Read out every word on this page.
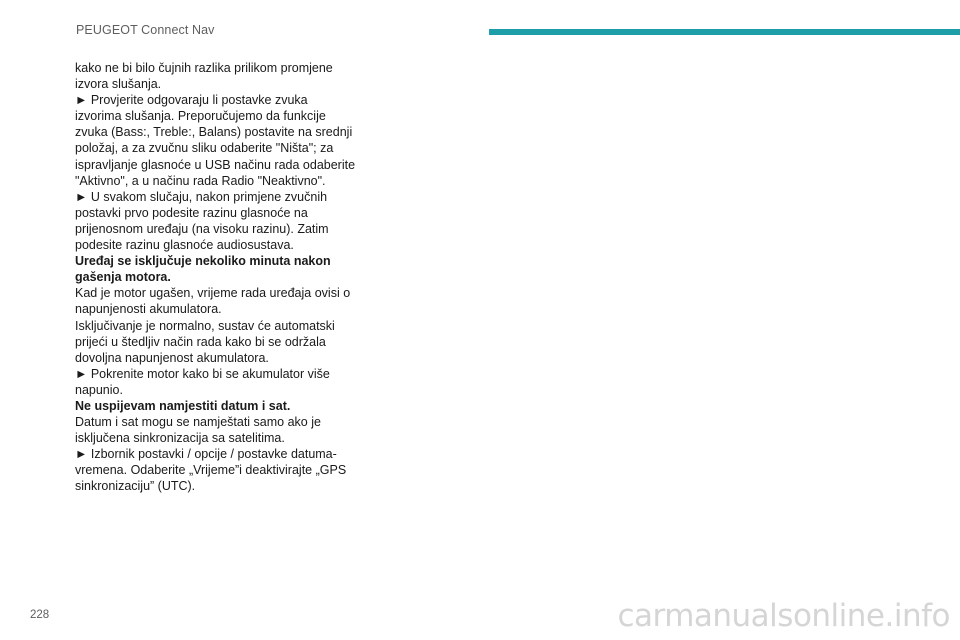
PEUGEOT Connect Nav

kako ne bi bilo čujnih razlika prilikom promjene izvora slušanja.

► Provjerite odgovaraju li postavke zvuka izvorima slušanja. Preporučujemo da funkcije zvuka (Bass:, Treble:, Balans) postavite na srednji položaj, a za zvučnu sliku odaberite "Ništa"; za ispravljanje glasnoće u USB načinu rada odaberite "Aktivno", a u načinu rada Radio "Neaktivno".

► U svakom slučaju, nakon primjene zvučnih postavki prvo podesite razinu glasnoće na prijenosnom uređaju (na visoku razinu). Zatim podesite razinu glasnoće audiosustava.

Uređaj se isključuje nekoliko minuta nakon gašenja motora.

Kad je motor ugašen, vrijeme rada uređaja ovisi o napunjenosti akumulatora.

Isključivanje je normalno, sustav će automatski prijeći u štedljiv način rada kako bi se održala dovoljna napunjenost akumulatora.

► Pokrenite motor kako bi se akumulator više napunio.

Ne uspijevam namjestiti datum i sat.

Datum i sat mogu se namještati samo ako je isključena sinkronizacija sa satelitima.

► Izbornik postavki / opcije / postavke datuma-vremena. Odaberite „Vrijeme”i deaktivirajte „GPS sinkronizaciju” (UTC).

228	carmanualsonline.info
